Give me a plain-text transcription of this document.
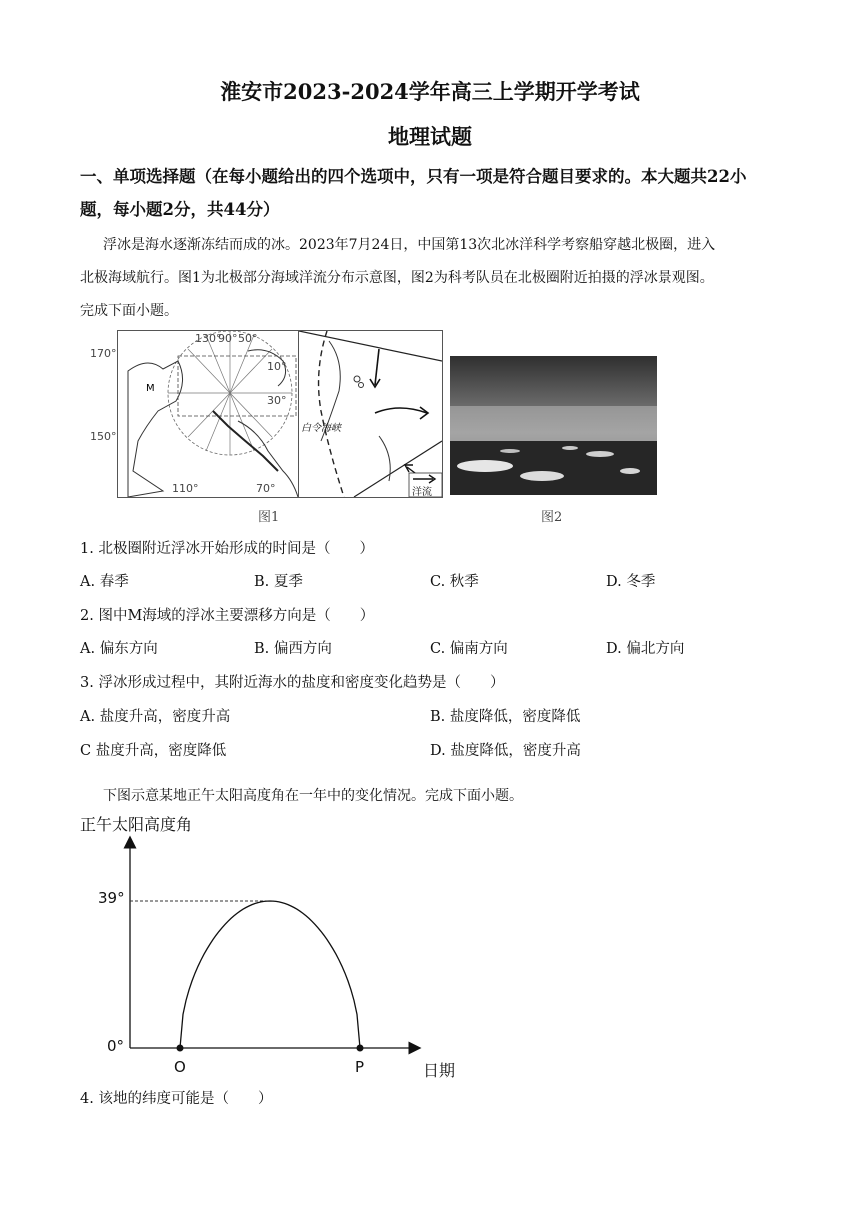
淮安市2023-2024学年高三上学期开学考试
地理试题
一、单项选择题（在每小题给出的四个选项中，只有一项是符合题目要求的。本大题共22小
题，每小题2分，共44分）
浮冰是海水逐渐冻结而成的冰。2023年7月24日，中国第13次北冰洋科学考察船穿越北极圈，进入
北极海域航行。图1为北极部分海域洋流分布示意图，图2为科考队员在北极圈附近拍摄的浮冰景观图。
完成下面小题。
M
170°
130°
90° 50°
10°
30°
150°
110°	70°
白令海峡
洋流
图1	图2
1. 北极圈附近浮冰开始形成的时间是（　　）
A. 春季	B. 夏季	C. 秋季	D. 冬季
2. 图中M海域的浮冰主要漂移方向是（　　）
A. 偏东方向	B. 偏西方向	C. 偏南方向	D. 偏北方向
3. 浮冰形成过程中，其附近海水的盐度和密度变化趋势是（　　）
A. 盐度升高，密度升高	B. 盐度降低，密度降低
C 盐度升高，密度降低	D. 盐度降低，密度升高
下图示意某地正午太阳高度角在一年中的变化情况。完成下面小题。
正午太阳高度角
39°
0°
O	P	日期
4. 该地的纬度可能是（　　）
